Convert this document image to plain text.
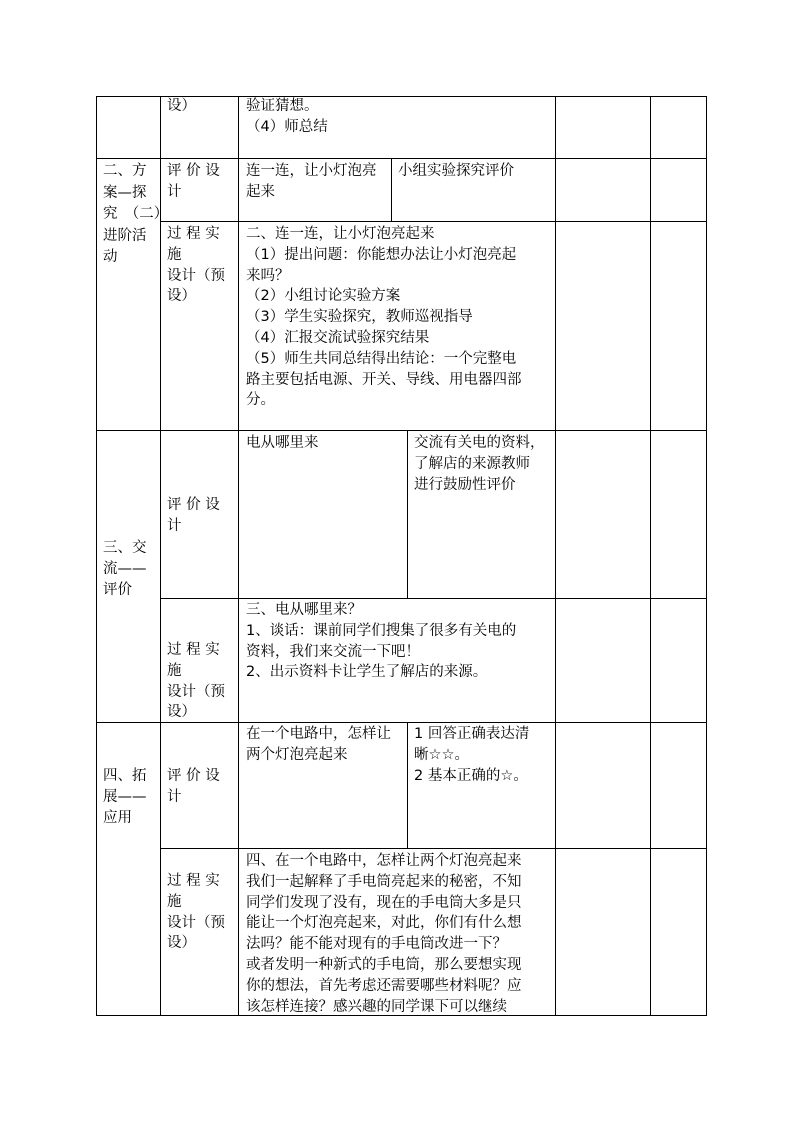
设）	验证猜想。
（4）师总结
二、方
案—探
究　（二）
进阶活
动
评 价 设
计
连一连，让小灯泡亮
起来
小组实验探究评价
过 程 实
施
设计（预
设）
二、连一连，让小灯泡亮起来
（1）提出问题：你能想办法让小灯泡亮起
来吗？
（2）小组讨论实验方案
（3）学生实验探究，教师巡视指导
（4）汇报交流试验探究结果
（5）师生共同总结得出结论：一个完整电
路主要包括电源、开关、导线、用电器四部
分。
三、交
流——
评价
评 价 设
计
电从哪里来	交流有关电的资料，
了解店的来源教师
进行鼓励性评价
过 程 实
施
设计（预
设）
三、电从哪里来？
1、谈话：课前同学们搜集了很多有关电的
资料，我们来交流一下吧！
2、出示资料卡让学生了解店的来源。
四、拓
展——
应用
评 价 设
计
在一个电路中，怎样让
两个灯泡亮起来
1 回答正确表达清
晰☆☆。
2 基本正确的☆。
过 程 实
施
设计（预
设）
四、在一个电路中，怎样让两个灯泡亮起来
我们一起解释了手电筒亮起来的秘密，不知
同学们发现了没有，现在的手电筒大多是只
能让一个灯泡亮起来，对此，你们有什么想
法吗？能不能对现有的手电筒改进一下？
或者发明一种新式的手电筒，那么要想实现
你的想法，首先考虑还需要哪些材料呢？应
该怎样连接？感兴趣的同学课下可以继续
